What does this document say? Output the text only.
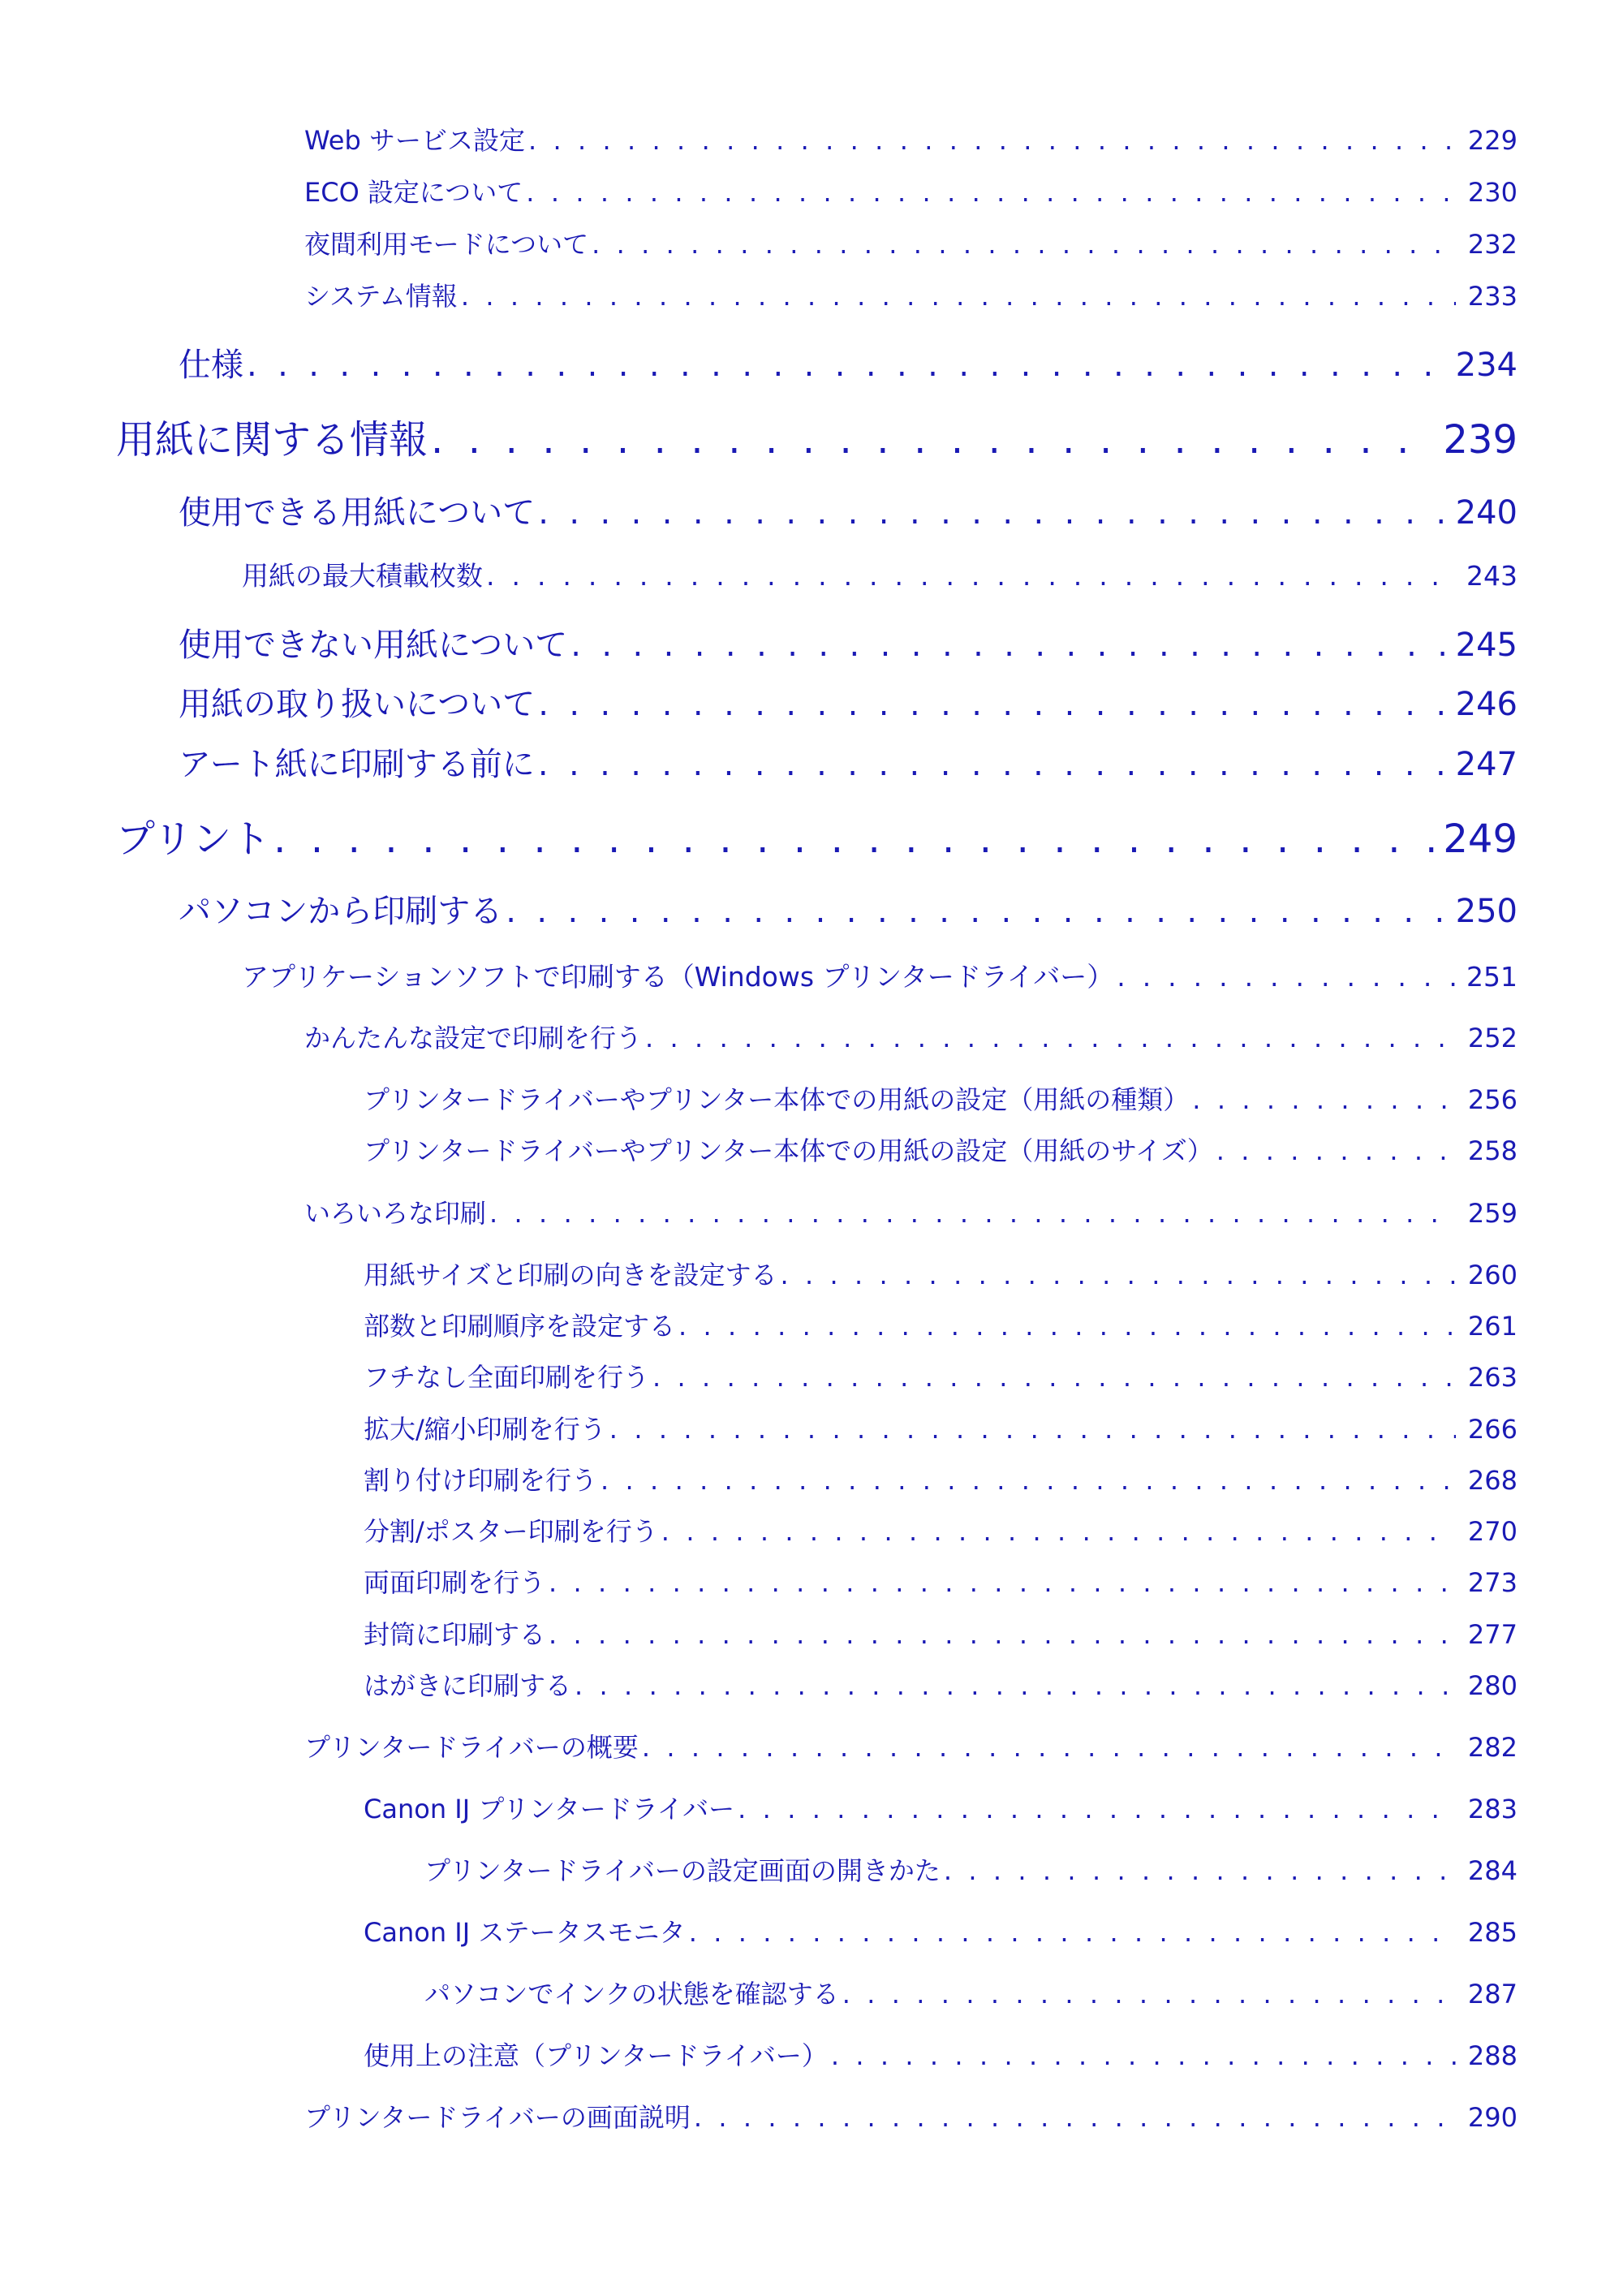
Web サービス設定 .  .	229
ECO 設定について .  .	230
夜間利用モードについて .  .	232
システム情報 .  .	233
仕様 .  .	234
用紙に関する情報 .  .	239
使用できる用紙について .  .	240
用紙の最大積載枚数 .  .	243
使用できない用紙について .  .	245
用紙の取り扱いについて .  .	246
アート紙に印刷する前に .  .	247
プリント .  .	249
パソコンから印刷する .  .	250
アプリケーションソフトで印刷する（Windows プリンタードライバー） .  .	251
かんたんな設定で印刷を行う .  .	252
プリンタードライバーやプリンター本体での用紙の設定（用紙の種類） .  .	256
プリンタードライバーやプリンター本体での用紙の設定（用紙のサイズ） .  .	258
いろいろな印刷 .  .	259
用紙サイズと印刷の向きを設定する .  .	260
部数と印刷順序を設定する .  .	261
フチなし全面印刷を行う .  .	263
拡大/縮小印刷を行う .  .	266
割り付け印刷を行う .  .	268
分割/ポスター印刷を行う .  .	270
両面印刷を行う .  .	273
封筒に印刷する .  .	277
はがきに印刷する .  .	280
プリンタードライバーの概要 .  .	282
Canon IJ プリンタードライバー .  .	283
プリンタードライバーの設定画面の開きかた .  .	284
Canon IJ ステータスモニタ .  .	285
パソコンでインクの状態を確認する .  .	287
使用上の注意（プリンタードライバー） .  .	288
プリンタードライバーの画面説明 .  .	290
